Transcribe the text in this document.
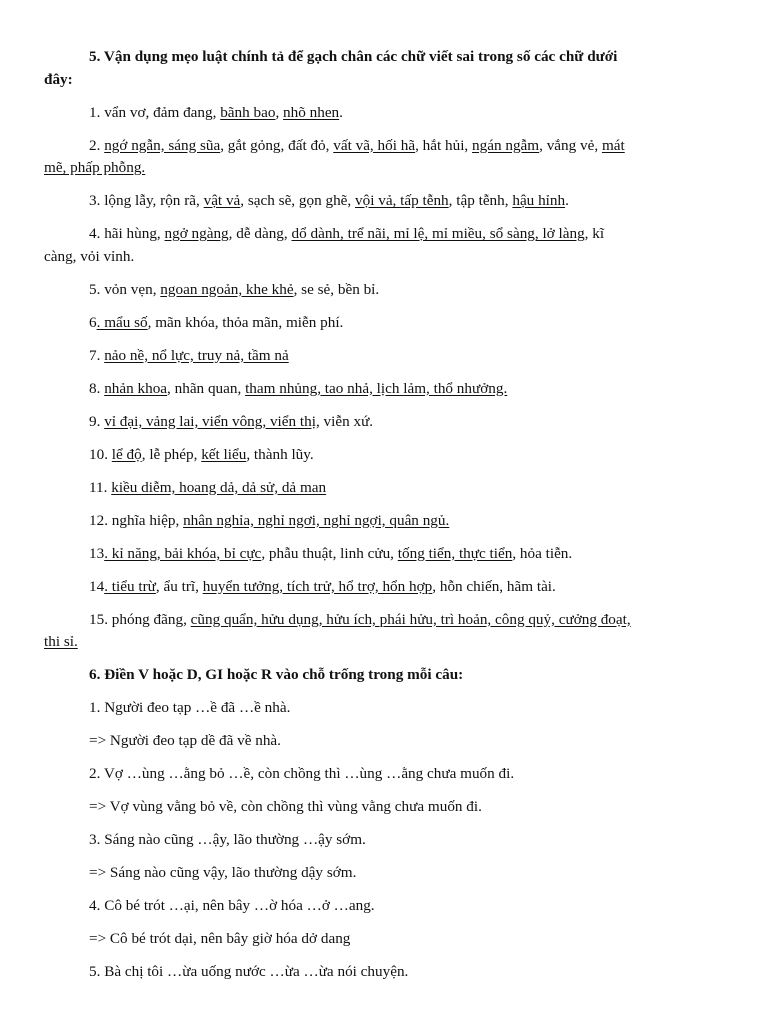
5. Vận dụng mẹo luật chính tả để gạch chân các chữ viết sai trong số các chữ dưới

đây:

1. vẩn vơ, đảm đang, bãnh bao, nhõ nhen.

2. ngớ ngẫn, sáng sũa, gắt gỏng, đất đỏ, vất vã, hối hã, hắt hủi, ngán ngẫm, vắng vẻ, mát

mẽ, phấp phỗng.

3. lộng lẫy, rộn rã, vật vả, sạch sẽ, gọn ghẽ, vội vả, tấp tễnh, tập tễnh, hậu hỉnh.

4. hãi hùng, ngở ngàng, dễ dàng, dổ dành, trể nãi, mỉ lệ, mỉ miều, sổ sàng, lở làng, kĩ

càng, vỏi vỉnh.

5. vỏn vẹn, ngoan ngoản, khe khẻ, se sẻ, bền bỉ.

6. mẩu số, mãn khóa, thỏa mãn, miễn phí.

7. nảo nề, nổ lực, truy nả, tầm nả

8. nhản khoa, nhãn quan, tham nhủng, tao nhả, lịch lảm, thổ nhưởng.

9. vỉ đại, vảng lai, viển vông, viển thị, viễn xứ.

10. lể độ, lễ phép, kết liểu, thành lũy.

11. kiều diễm, hoang dả, dả sử, dả man

12. nghĩa hiệp, nhân nghỉa, nghỉ ngơi, nghỉ ngợi, quân ngủ.

13. kỉ năng, bải khóa, bỉ cực, phẫu thuật, linh cửu, tống tiển, thực tiển, hỏa tiễn.

14. tiểu trừ, ẩu trĩ, huyển tưởng, tích trử, hổ trợ, hổn hợp, hỗn chiến, hãm tài.

15. phóng đãng, cũng quẩn, hửu dụng, hửu ích, phái hửu, trì hoản, công quỷ, cưởng đoạt,

thi sỉ.

6. Điền V hoặc D, GI hoặc R vào chỗ trống trong mỗi câu:

1. Người đeo tạp …ề đã …ề nhà.

=> Người đeo tạp dề đã về nhà.

2. Vợ …ùng …ằng bỏ …ề, còn chồng thì …ùng …ằng chưa muốn đi.

=> Vợ vùng vằng bỏ về, còn chồng thì vùng vằng chưa muốn đi.

3. Sáng nào cũng …ậy, lão thường …ậy sớm.

=> Sáng nào cũng vậy, lão thường dậy sớm.

4. Cô bé trót …ại, nên bây …ờ hóa …ở …ang.

=> Cô bé trót dại, nên bây giờ hóa dở dang

5. Bà chị tôi …ừa uống nước …ừa …ừa nói chuyện.
